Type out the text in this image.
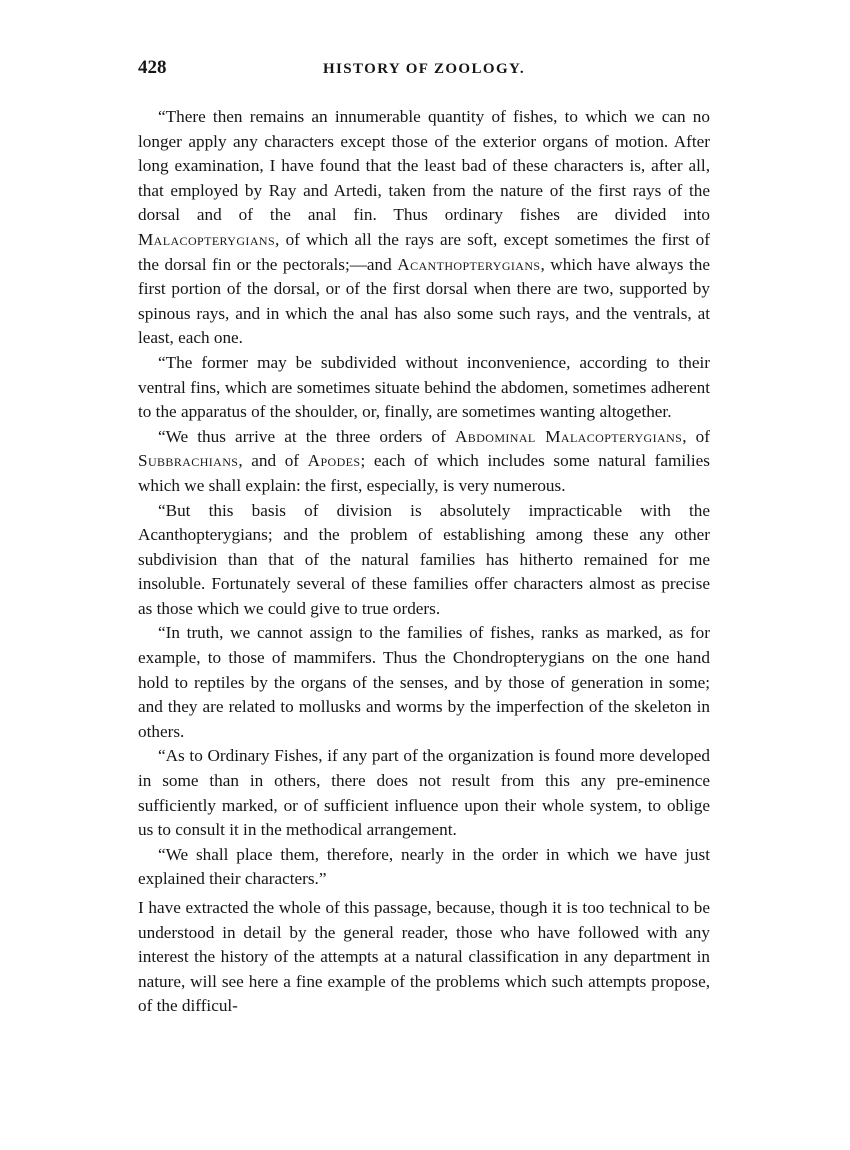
428	HISTORY OF ZOOLOGY.

“There then remains an innumerable quantity of fishes, to which we can no longer apply any characters except those of the exterior organs of motion. After long examination, I have found that the least bad of these characters is, after all, that employed by Ray and Artedi, taken from the nature of the first rays of the dorsal and of the anal fin. Thus ordinary fishes are divided into Malacopterygians, of which all the rays are soft, except sometimes the first of the dorsal fin or the pectorals;—and Acanthopterygians, which have always the first portion of the dorsal, or of the first dorsal when there are two, supported by spinous rays, and in which the anal has also some such rays, and the ventrals, at least, each one.

“The former may be subdivided without inconvenience, according to their ventral fins, which are sometimes situate behind the abdomen, sometimes adherent to the apparatus of the shoulder, or, finally, are sometimes wanting altogether.

“We thus arrive at the three orders of Abdominal Malacopterygians, of Subbrachians, and of Apodes; each of which includes some natural families which we shall explain: the first, especially, is very numerous.

“But this basis of division is absolutely impracticable with the Acanthopterygians; and the problem of establishing among these any other subdivision than that of the natural families has hitherto remained for me insoluble. Fortunately several of these families offer characters almost as precise as those which we could give to true orders.

“In truth, we cannot assign to the families of fishes, ranks as marked, as for example, to those of mammifers. Thus the Chondropterygians on the one hand hold to reptiles by the organs of the senses, and by those of generation in some; and they are related to mollusks and worms by the imperfection of the skeleton in others.

“As to Ordinary Fishes, if any part of the organization is found more developed in some than in others, there does not result from this any pre-eminence sufficiently marked, or of sufficient influence upon their whole system, to oblige us to consult it in the methodical arrangement.

“We shall place them, therefore, nearly in the order in which we have just explained their characters.”

I have extracted the whole of this passage, because, though it is too technical to be understood in detail by the general reader, those who have followed with any interest the history of the attempts at a natural classification in any department in nature, will see here a fine example of the problems which such attempts propose, of the difficul-
